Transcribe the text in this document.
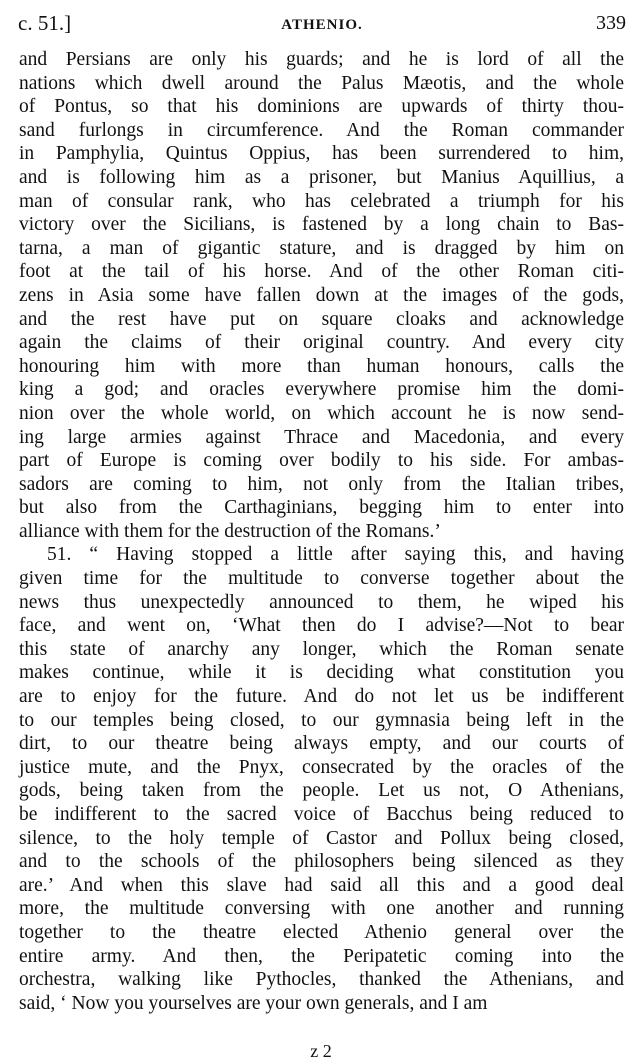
c. 51.]	ATHENIO.	339
and Persians are only his guards; and he is lord of all the
nations which dwell around the Palus Mæotis, and the whole
of Pontus, so that his dominions are upwards of thirty thou-
sand furlongs in circumference. And the Roman commander
in Pamphylia, Quintus Oppius, has been surrendered to him,
and is following him as a prisoner, but Manius Aquillius, a
man of consular rank, who has celebrated a triumph for his
victory over the Sicilians, is fastened by a long chain to Bas-
tarna, a man of gigantic stature, and is dragged by him on
foot at the tail of his horse. And of the other Roman citi-
zens in Asia some have fallen down at the images of the gods,
and the rest have put on square cloaks and acknowledge
again the claims of their original country. And every city
honouring him with more than human honours, calls the
king a god; and oracles everywhere promise him the domi-
nion over the whole world, on which account he is now send-
ing large armies against Thrace and Macedonia, and every
part of Europe is coming over bodily to his side. For ambas-
sadors are coming to him, not only from the Italian tribes,
but also from the Carthaginians, begging him to enter into
alliance with them for the destruction of the Romans.’
51. “ Having stopped a little after saying this, and having
given time for the multitude to converse together about the
news thus unexpectedly announced to them, he wiped his
face, and went on, ‘What then do I advise?—Not to bear
this state of anarchy any longer, which the Roman senate
makes continue, while it is deciding what constitution you
are to enjoy for the future. And do not let us be indifferent
to our temples being closed, to our gymnasia being left in the
dirt, to our theatre being always empty, and our courts of
justice mute, and the Pnyx, consecrated by the oracles of the
gods, being taken from the people. Let us not, O Athenians,
be indifferent to the sacred voice of Bacchus being reduced to
silence, to the holy temple of Castor and Pollux being closed,
and to the schools of the philosophers being silenced as they
are.’ And when this slave had said all this and a good deal
more, the multitude conversing with one another and running
together to the theatre elected Athenio general over the
entire army. And then, the Peripatetic coming into the
orchestra, walking like Pythocles, thanked the Athenians, and
said, ‘ Now you yourselves are your own generals, and I am
z 2
